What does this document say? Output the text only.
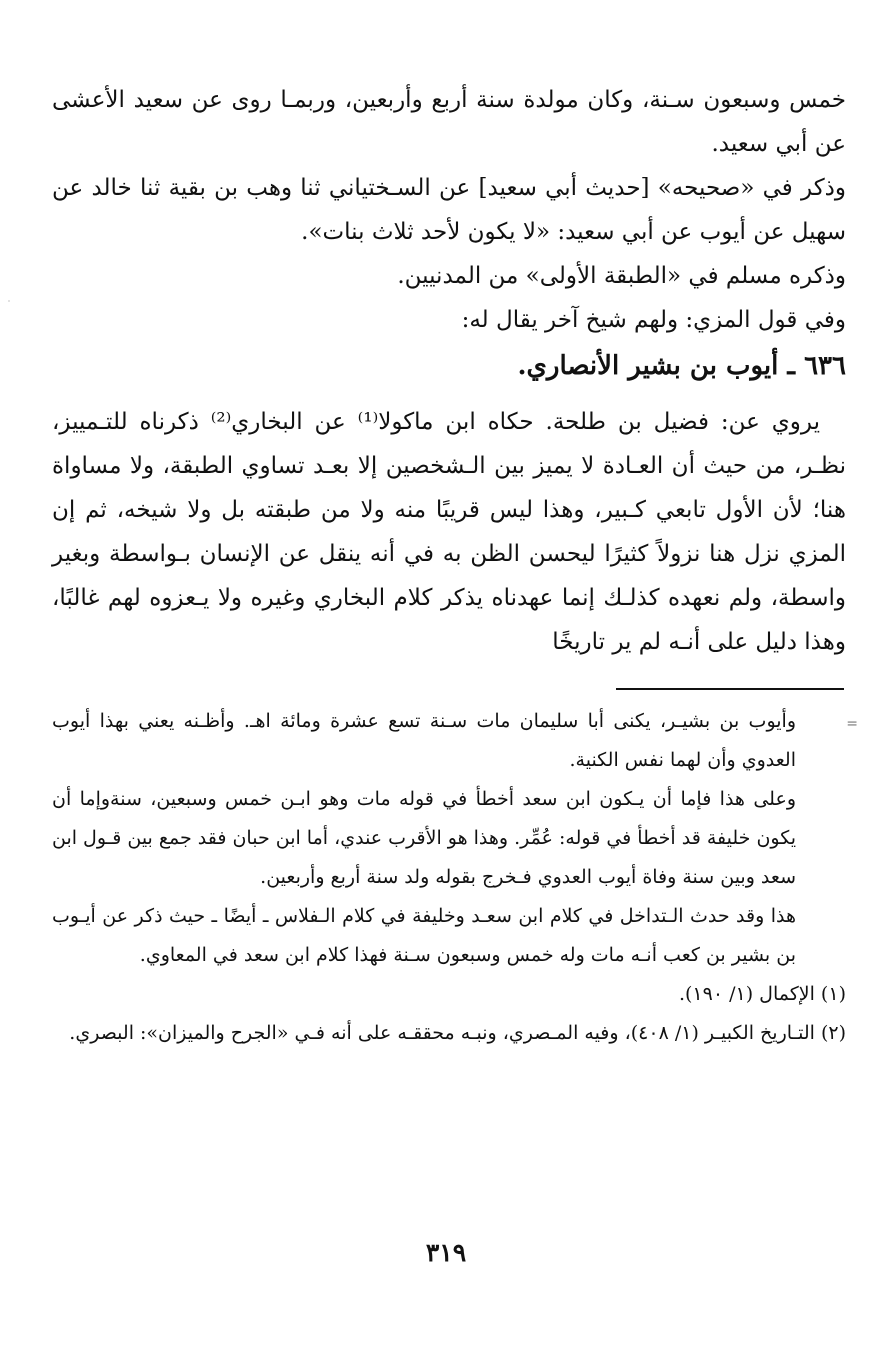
خمس وسبعون سـنة، وكان مولدة سنة أربع وأربعين، وربمـا روى عن سعيد الأعشى عن أبي سعيد.

وذكر في «صحيحه» [حديث أبي سعيد] عن السـختياني ثنا وهب بن بقية ثنا خالد عن سهيل عن أيوب عن أبي سعيد: «لا يكون لأحد ثلاث بنات».

وذكره مسلم في «الطبقة الأولى» من المدنيين.

وفي قول المزي: ولهم شيخ آخر يقال له:

٦٣٦ ـ أيوب بن بشير الأنصاري.

يروي عن: فضيل بن طلحة. حكاه ابن ماكولا⁽¹⁾ عن البخاري⁽²⁾ ذكرناه للتـمييز، نظـر، من حيث أن العـادة لا يميز بين الـشخصين إلا بعـد تساوي الطبقة، ولا مساواة هنا؛ لأن الأول تابعي كـبير، وهذا ليس قريبًا منه ولا من طبقته بل ولا شيخه، ثم إن المزي نزل هنا نزولاً كثيرًا ليحسن الظن به في أنه ينقل عن الإنسان بـواسطة وبغير واسطة، ولم نعهده كذلـك إنما عهدناه يذكر كلام البخاري وغيره ولا يـعزوه لهم غالبًا، وهذا دليل على أنـه لم ير تاريخًا

=

وأيوب بن بشيـر، يكنى أبا سليمان مات سـنة تسع عشرة ومائة اهـ. وأظـنه يعني بهذا أيوب العدوي وأن لهما نفس الكنية.

وعلى هذا فإما أن يـكون ابن سعد أخطأ في قوله مات وهو ابـن خمس وسبعين، سنةوإما أن يكون خليفة قد أخطأ في قوله: عُمِّر. وهذا هو الأقرب عندي، أما ابن حبان فقد جمع بين قـول ابن سعد وبين سنة وفاة أيوب العدوي فـخرج بقوله ولد سنة أربع وأربعين.

هذا وقد حدث الـتداخل في كلام ابن سعـد وخليفة في كلام الـفلاس ـ أيضًا ـ حيث ذكر عن أيـوب بن بشير بن كعب أنـه مات وله خمس وسبعون سـنة فهذا كلام ابن سعد في المعاوي.

(١) الإكمال (١/ ١٩٠).

(٢) التـاريخ الكبيـر (١/ ٤٠٨)، وفيه المـصري، ونبـه محققـه على أنه فـي «الجرح والميزان»: البصري.

٣١٩
